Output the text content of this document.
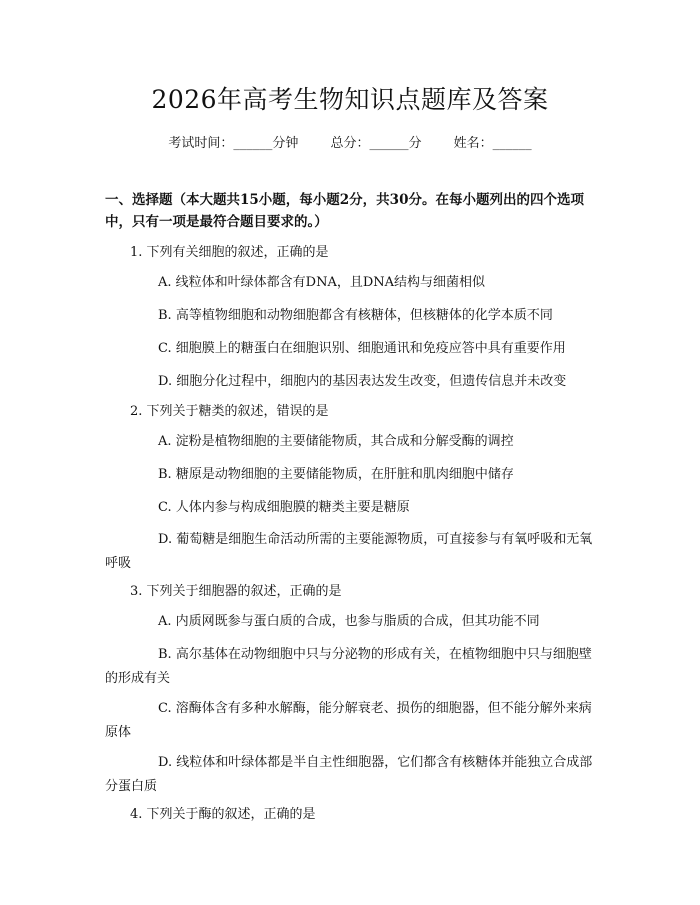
2026年高考生物知识点题库及答案
考试时间：______分钟 总分：______分 姓名：______
一、选择题（本大题共15小题，每小题2分，共30分。在每小题列出的四个选项中，只有一项是最符合题目要求的。）
1. 下列有关细胞的叙述，正确的是
A. 线粒体和叶绿体都含有DNA，且DNA结构与细菌相似
B. 高等植物细胞和动物细胞都含有核糖体，但核糖体的化学本质不同
C. 细胞膜上的糖蛋白在细胞识别、细胞通讯和免疫应答中具有重要作用
D. 细胞分化过程中，细胞内的基因表达发生改变，但遗传信息并未改变
2. 下列关于糖类的叙述，错误的是
A. 淀粉是植物细胞的主要储能物质，其合成和分解受酶的调控
B. 糖原是动物细胞的主要储能物质，在肝脏和肌肉细胞中储存
C. 人体内参与构成细胞膜的糖类主要是糖原
D. 葡萄糖是细胞生命活动所需的主要能源物质，可直接参与有氧呼吸和无氧呼吸
3. 下列关于细胞器的叙述，正确的是
A. 内质网既参与蛋白质的合成，也参与脂质的合成，但其功能不同
B. 高尔基体在动物细胞中只与分泌物的形成有关，在植物细胞中只与细胞壁的形成有关
C. 溶酶体含有多种水解酶，能分解衰老、损伤的细胞器，但不能分解外来病原体
D. 线粒体和叶绿体都是半自主性细胞器，它们都含有核糖体并能独立合成部分蛋白质
4. 下列关于酶的叙述，正确的是
